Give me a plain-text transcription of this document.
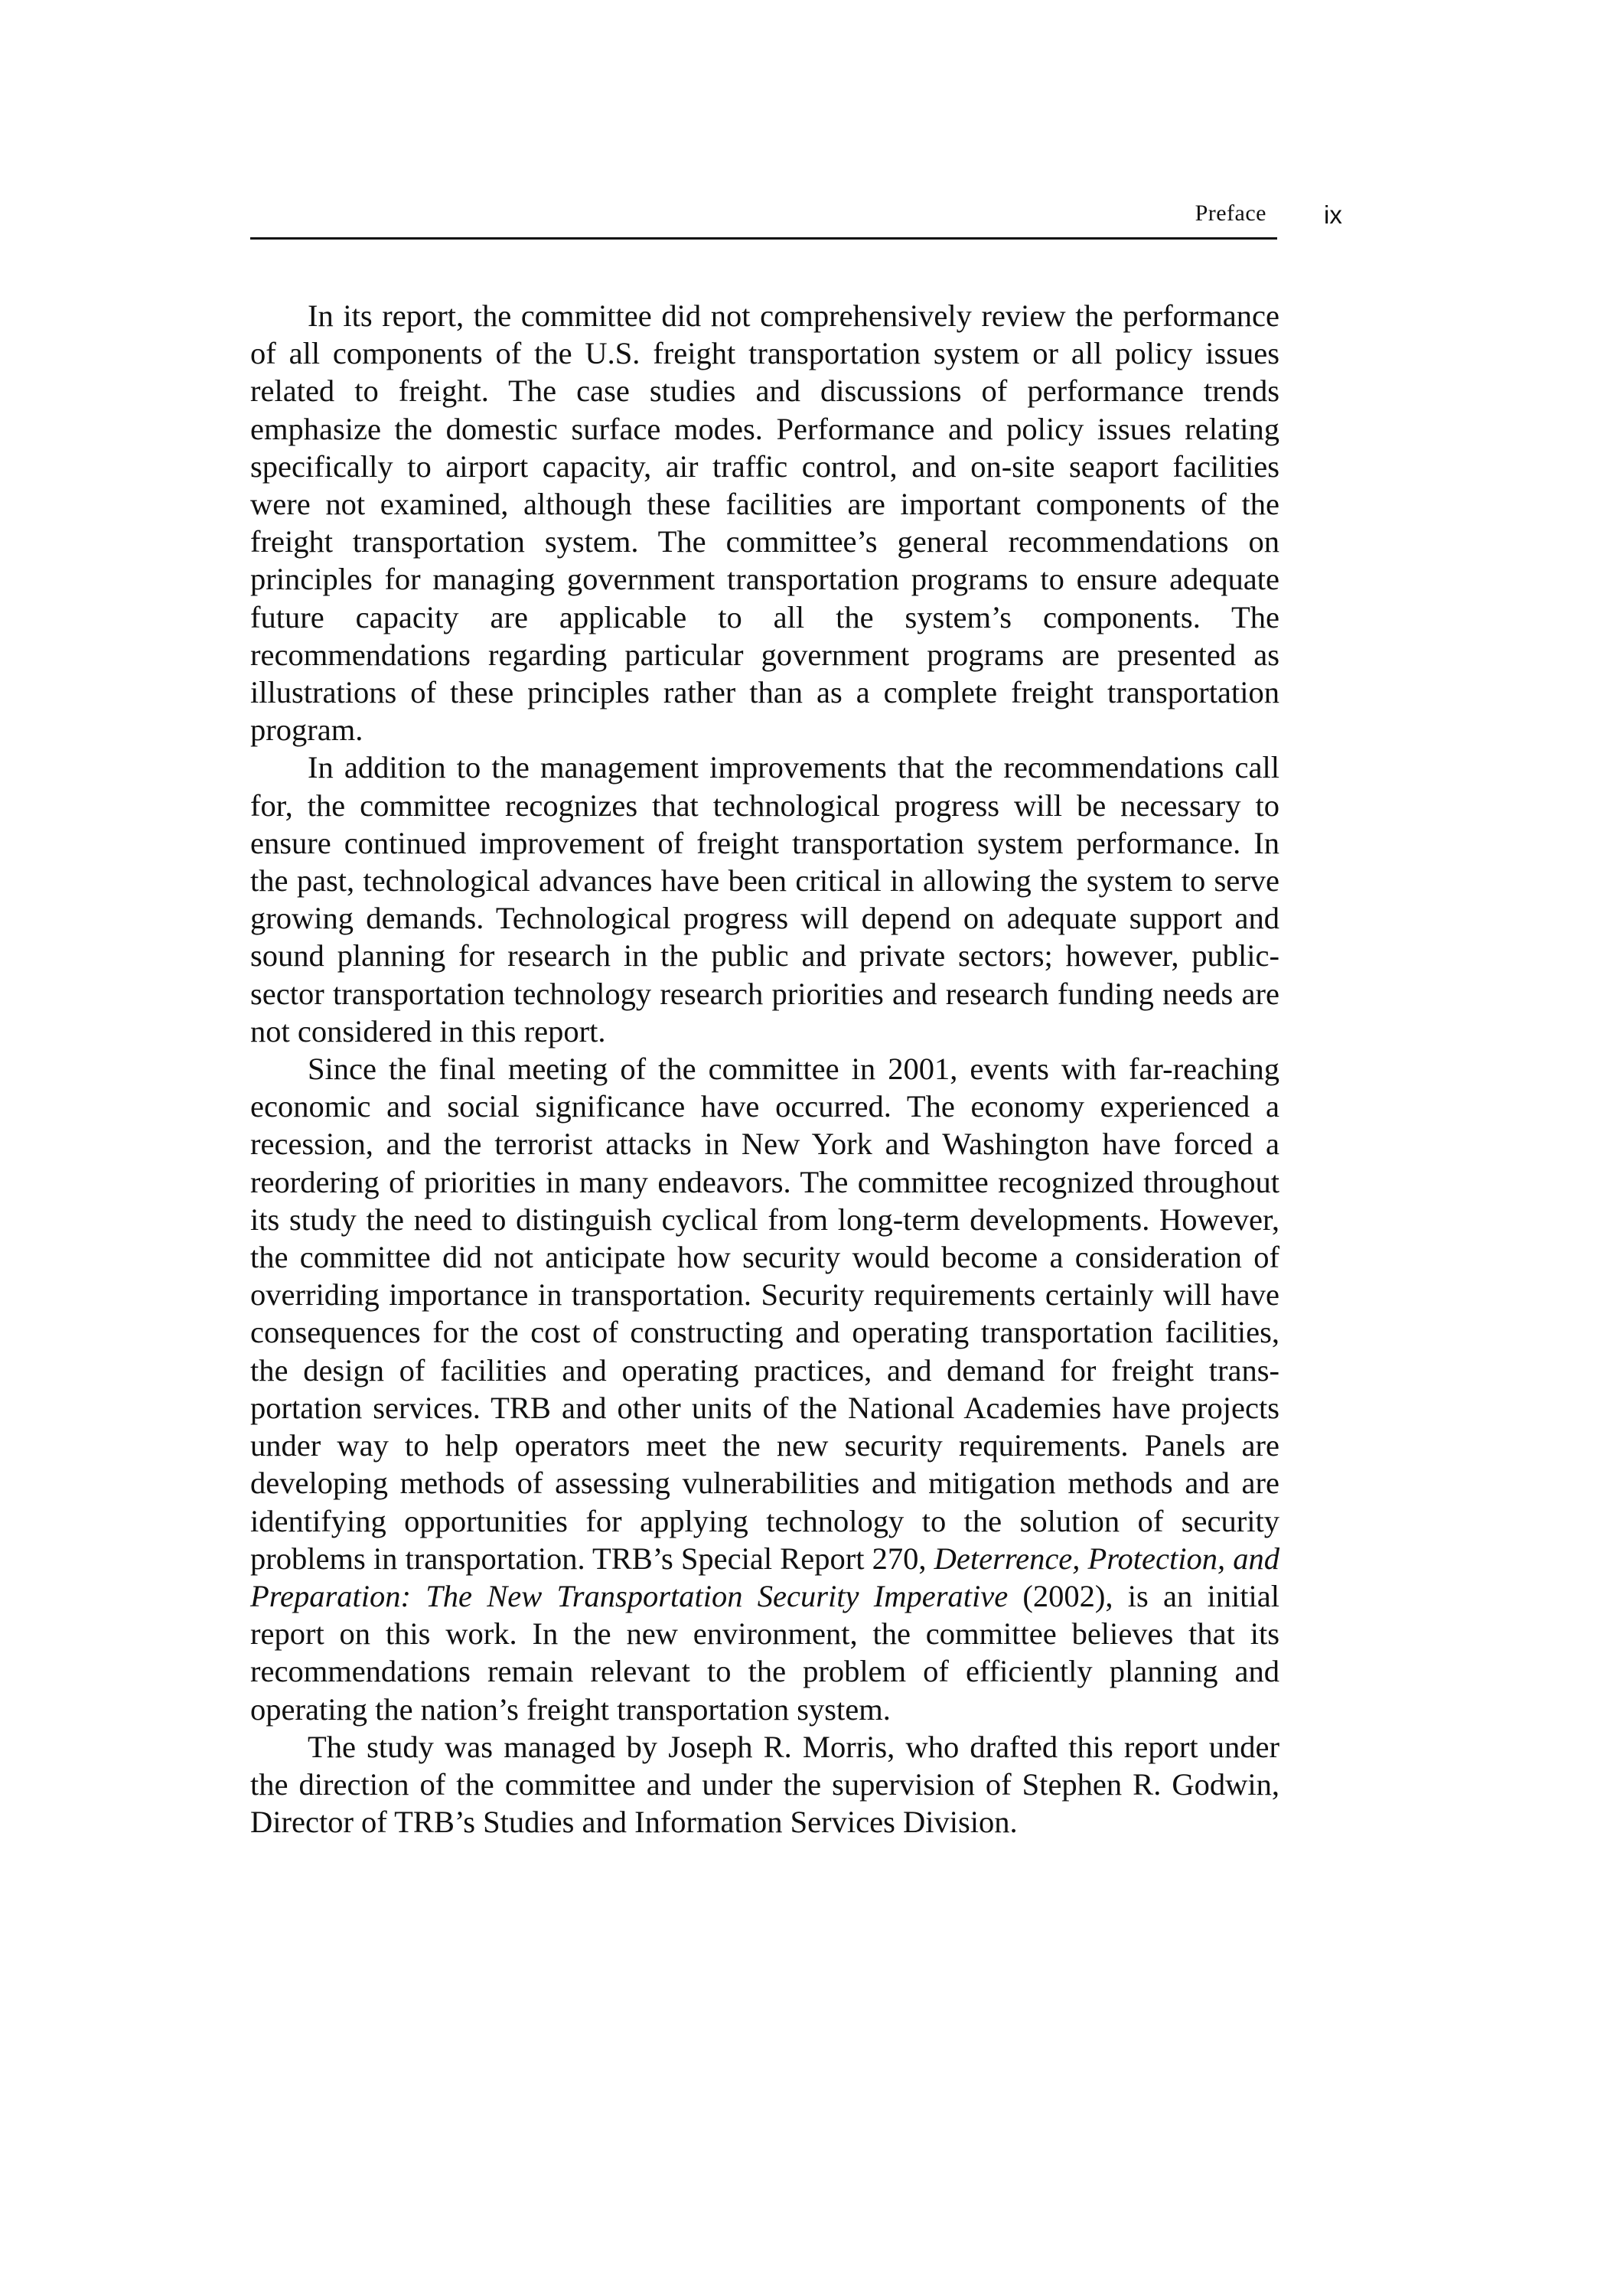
Preface ix

In its report, the committee did not comprehensively review the performance of all components of the U.S. freight transportation system or all policy issues related to freight. The case studies and discussions of performance trends emphasize the domestic surface modes. Performance and policy issues relating specifically to airport capacity, air traffic control, and on-site seaport facilities were not examined, although these facilities are important components of the freight transportation system. The committee’s general recommendations on principles for managing government transportation programs to ensure adequate future capacity are applicable to all the system’s components. The recommendations regarding particular government programs are presented as illustrations of these principles rather than as a complete freight transportation program.

In addition to the management improvements that the recommendations call for, the committee recognizes that technological progress will be necessary to ensure continued improvement of freight transportation system performance. In the past, technological advances have been critical in allowing the system to serve growing demands. Technological progress will depend on adequate support and sound planning for research in the public and private sectors; however, public-sector transportation technology research priorities and research funding needs are not considered in this report.

Since the final meeting of the committee in 2001, events with far-reaching economic and social significance have occurred. The economy experienced a recession, and the terrorist attacks in New York and Washington have forced a reordering of priorities in many endeavors. The committee recognized throughout its study the need to distinguish cyclical from long-term developments. However, the committee did not anticipate how security would become a consideration of overriding importance in transportation. Security requirements certainly will have consequences for the cost of constructing and operating transportation facilities, the design of facilities and operating practices, and demand for freight transportation services. TRB and other units of the National Academies have projects under way to help operators meet the new security requirements. Panels are developing methods of assessing vulnerabilities and mitigation methods and are identifying opportunities for applying technology to the solution of security problems in transportation. TRB’s Special Report 270, Deterrence, Protection, and Preparation: The New Transportation Security Imperative (2002), is an initial report on this work. In the new environment, the committee believes that its recommendations remain relevant to the problem of efficiently planning and operating the nation’s freight transportation system.

The study was managed by Joseph R. Morris, who drafted this report under the direction of the committee and under the supervision of Stephen R. Godwin, Director of TRB’s Studies and Information Services Division.
